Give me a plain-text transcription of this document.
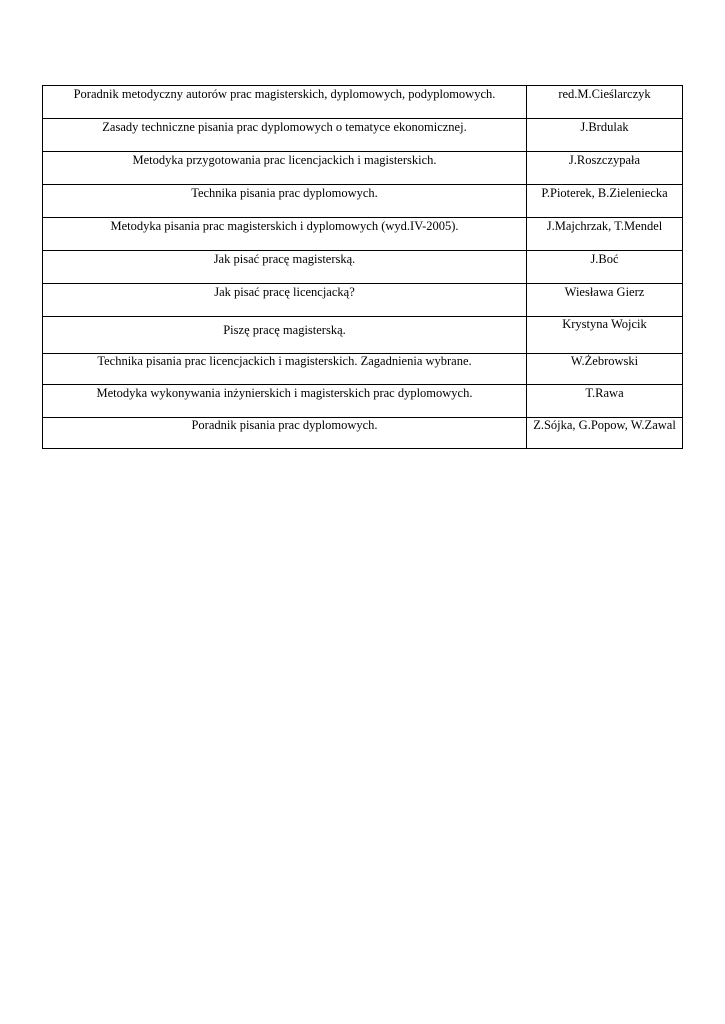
Poradnik metodyczny autorów prac magisterskich, dyplomowych, podyplomowych.	red.M.Cieślarczyk
Zasady techniczne pisania prac dyplomowych o tematyce ekonomicznej.	J.Brdulak
Metodyka przygotowania prac licencjackich i magisterskich.	J.Roszczypała
Technika pisania prac dyplomowych.	P.Pioterek, B.Zieleniecka
Metodyka pisania prac magisterskich i dyplomowych (wyd.IV-2005).	J.Majchrzak, T.Mendel
Jak pisać pracę magisterską.	J.Boć
Jak pisać pracę licencjacką?	Wiesława Gierz
Piszę pracę magisterską.	Krystyna Wojcik
Technika pisania prac licencjackich i magisterskich. Zagadnienia wybrane.	W.Żebrowski
Metodyka wykonywania inżynierskich i magisterskich prac dyplomowych.	T.Rawa
Poradnik pisania prac dyplomowych.	Z.Sójka, G.Popow, W.Zawal
